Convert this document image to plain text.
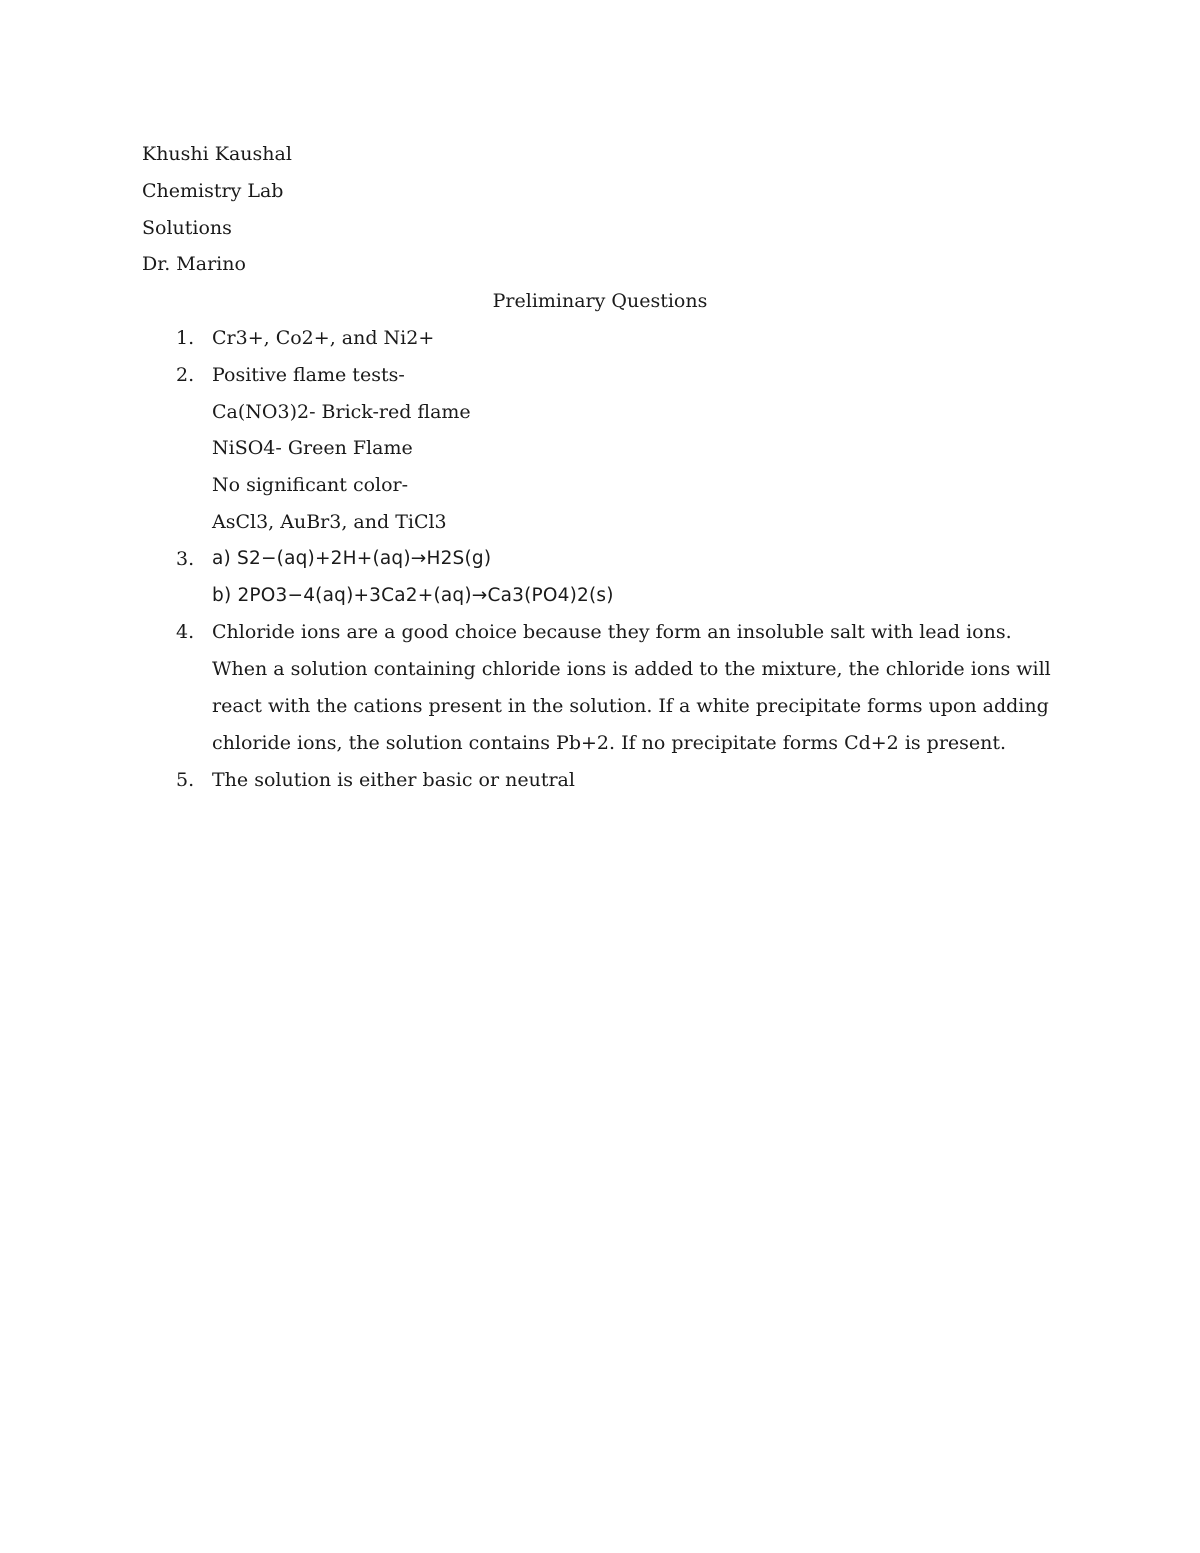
Khushi Kaushal
Chemistry Lab
Solutions
Dr. Marino
Preliminary Questions
1. Cr3+, Co2+, and Ni2+
2. Positive flame tests-
Ca(NO3)2- Brick-red flame
NiSO4- Green Flame
No significant color-
AsCl3, AuBr3, and TiCl3
3. a) S2−(aq)+2H+(aq)→H2S(g)
b) 2PO3−4(aq)+3Ca2+(aq)→Ca3(PO4)2(s)
4. Chloride ions are a good choice because they form an insoluble salt with lead ions. When a solution containing chloride ions is added to the mixture, the chloride ions will react with the cations present in the solution. If a white precipitate forms upon adding chloride ions, the solution contains Pb+2. If no precipitate forms Cd+2 is present.
5. The solution is either basic or neutral
